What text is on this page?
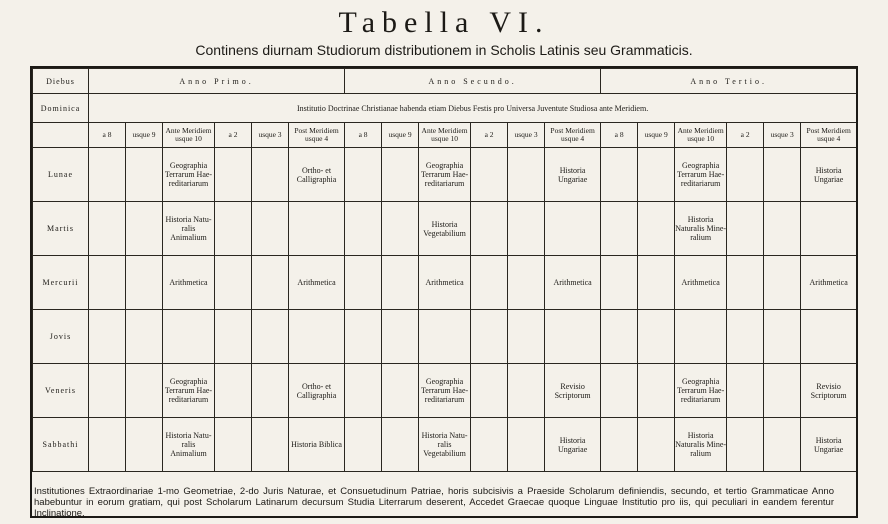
Tabella VI.
Continens diurnam Studiorum distributionem in Scholis Latinis seu Grammaticis.
Diebus	Anno Primo.						Anno Secundo.						Anno Tertio.					
Dominica	Institutio Doctrinae Christianae habenda etiam Diebus Festis pro Universa Juventute Studiosa ante Meridiem.																	
	a 8	usque 9	Ante Meridiem usque 10	a 2	usque 3	Post Meridiem usque 4	a 8	usque 9	Ante Meridiem usque 10	a 2	usque 3	Post Meridiem usque 4	a 8	usque 9	Ante Meridiem usque 10	a 2	usque 3	Post Meridiem usque 4
Lunae			Geographia Terrarum Hae-reditariarum			Ortho- et Calligraphia			Geographia Terrarum Hae-reditariarum			Historia Ungariae			Geographia Terrarum Hae-reditariarum			Historia Ungariae
Martis			Historia Natu-ralis Animalium						Historia Vegetabilium						Historia Naturalis Mine-ralium			
Mercurii			Arithmetica			Arithmetica			Arithmetica			Arithmetica			Arithmetica			Arithmetica
Jovis																		
Veneris			Geographia Terrarum Hae-reditariarum			Ortho- et Calligraphia			Geographia Terrarum Hae-reditariarum			Revisio Scriptorum			Geographia Terrarum Hae-reditariarum			Revisio Scriptorum
Sabbathi			Historia Natu-ralis Animalium			Historia Biblica			Historia Natu-ralis Vegetabilium			Historia Ungariae			Historia Naturalis Mine-ralium			Historia Ungariae

Institutiones Extraordinariae 1-mo Geometriae, 2-do Juris Naturae, et Consuetudinum Patriae, horis subcisivis a Praeside Scholarum definiendis, secundo, et tertio Grammaticae Anno habebuntur in eorum gratiam, qui post Scholarum Latinarum decursum Studia Literrarum deserent, Accedet Graecae quoque Linguae Institutio pro iis, qui peculiari in eandem ferentur Inclinatione.
